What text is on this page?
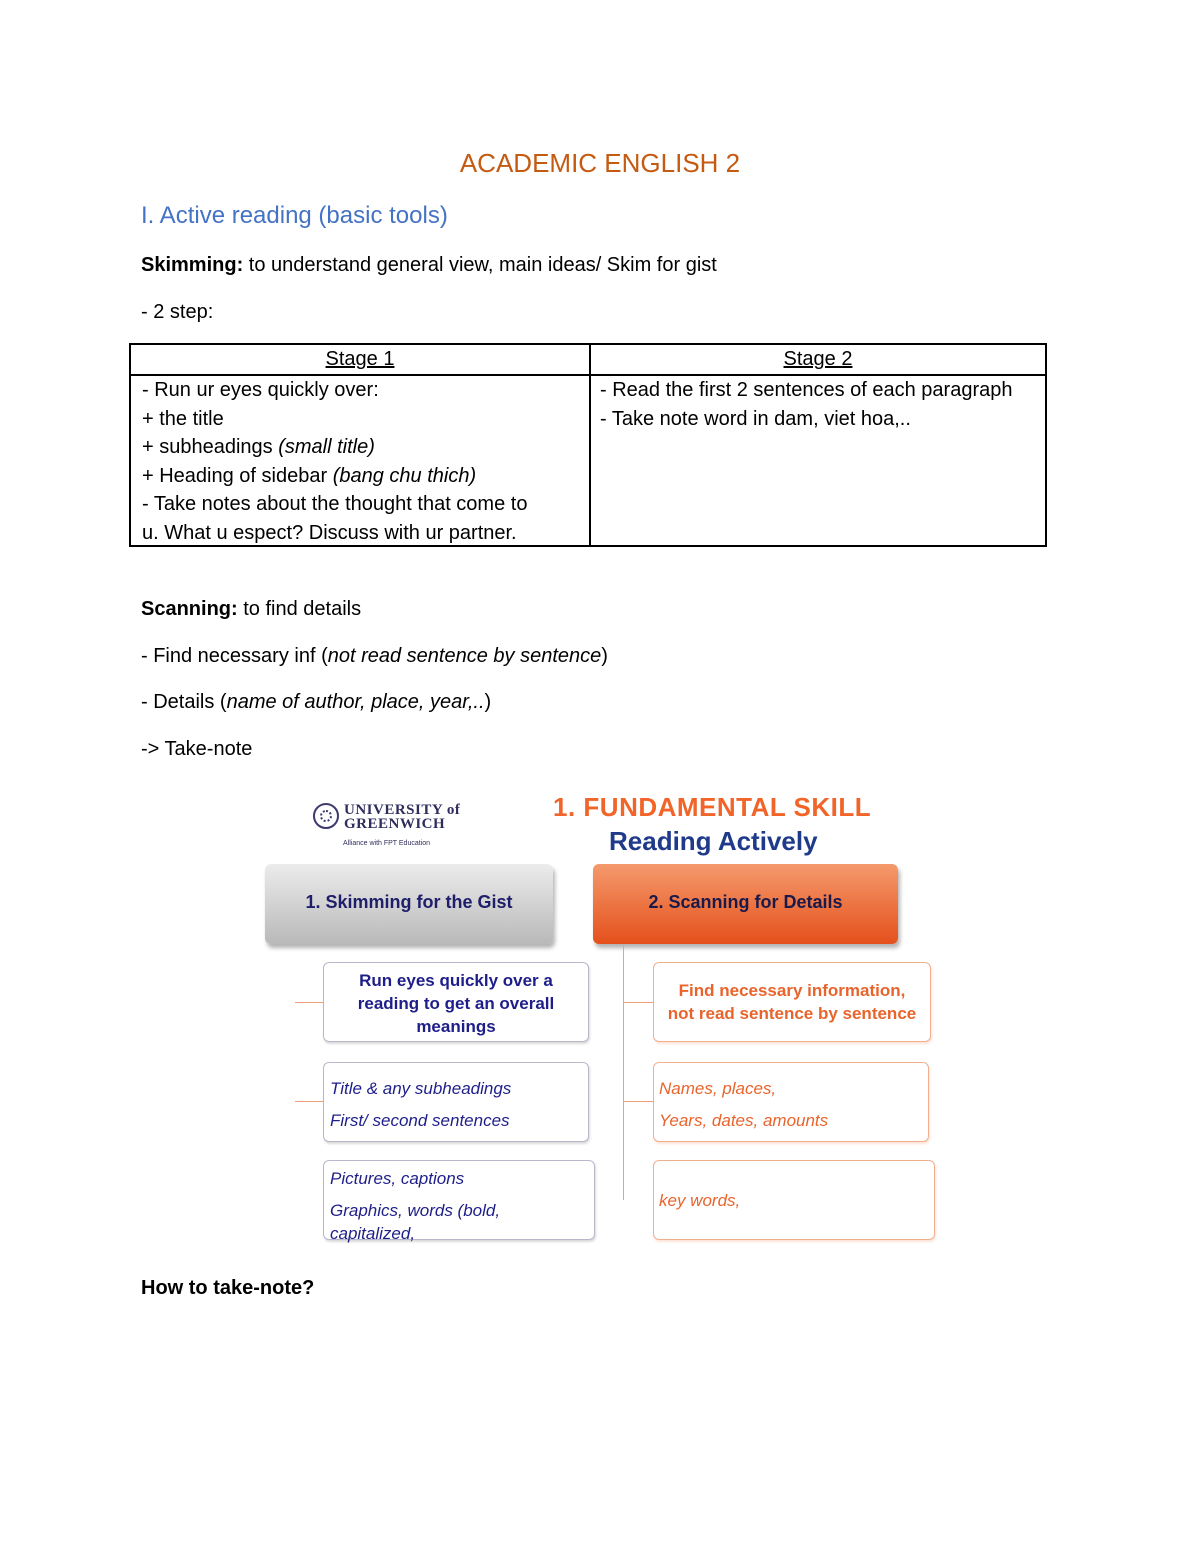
ACADEMIC ENGLISH 2
I. Active reading (basic tools)
Skimming: to understand general view, main ideas/ Skim for gist
- 2 step:
Stage 1	Stage 2
- Run ur eyes quickly over:
+ the title
+ subheadings (small title)
+ Heading of sidebar (bang chu thich)
- Take notes about the thought that come to
u. What u espect? Discuss with ur partner.
- Read the first 2 sentences of each paragraph
- Take note word in dam, viet hoa,..
Scanning: to find details
- Find necessary inf (not read sentence by sentence)
- Details (name of author, place, year,..)
-> Take-note
UNIVERSITY of
GREENWICH
Alliance with FPT Education
1. FUNDAMENTAL SKILL
Reading Actively
1. Skimming for the Gist	2. Scanning for Details
Run eyes quickly over a
reading to get an overall
meanings
Title & any subheadings
First/ second sentences
Pictures, captions
Graphics, words (bold,
capitalized,
Find necessary information,
not read sentence by sentence
Names, places,
Years, dates, amounts
key words,
How to take-note?
